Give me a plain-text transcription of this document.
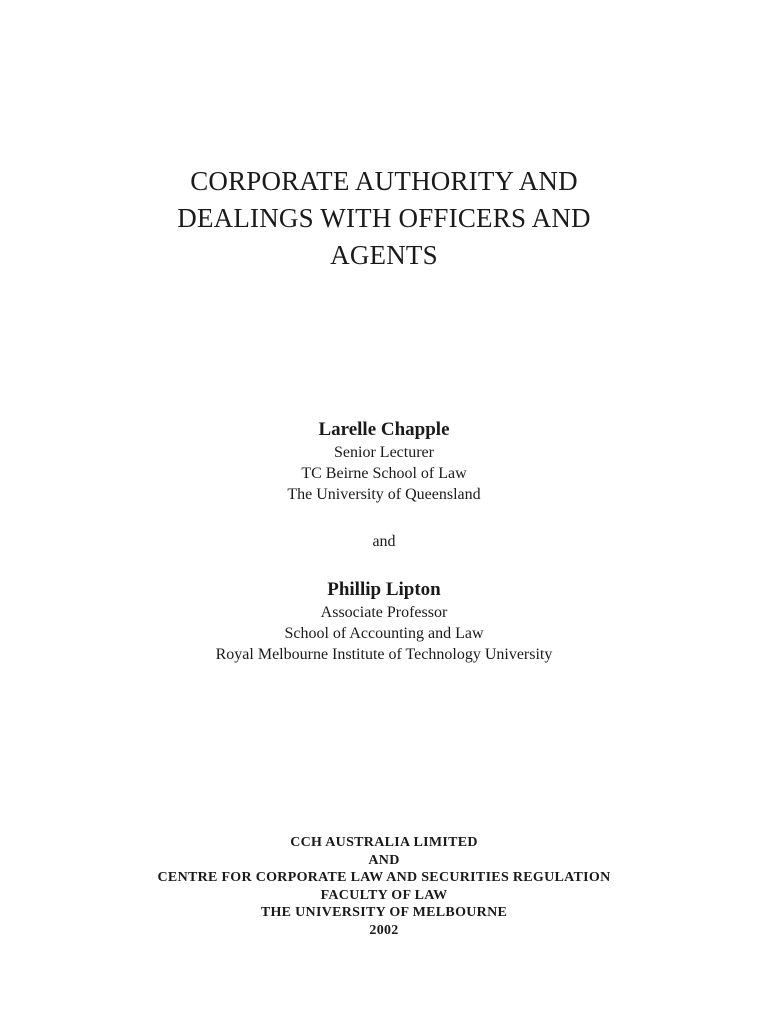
CORPORATE AUTHORITY AND
DEALINGS WITH OFFICERS AND
AGENTS
Larelle Chapple
Senior Lecturer
TC Beirne School of Law
The University of Queensland
and
Phillip Lipton
Associate Professor
School of Accounting and Law
Royal Melbourne Institute of Technology University
CCH AUSTRALIA LIMITED
AND
CENTRE FOR CORPORATE LAW AND SECURITIES REGULATION
FACULTY OF LAW
THE UNIVERSITY OF MELBOURNE
2002
